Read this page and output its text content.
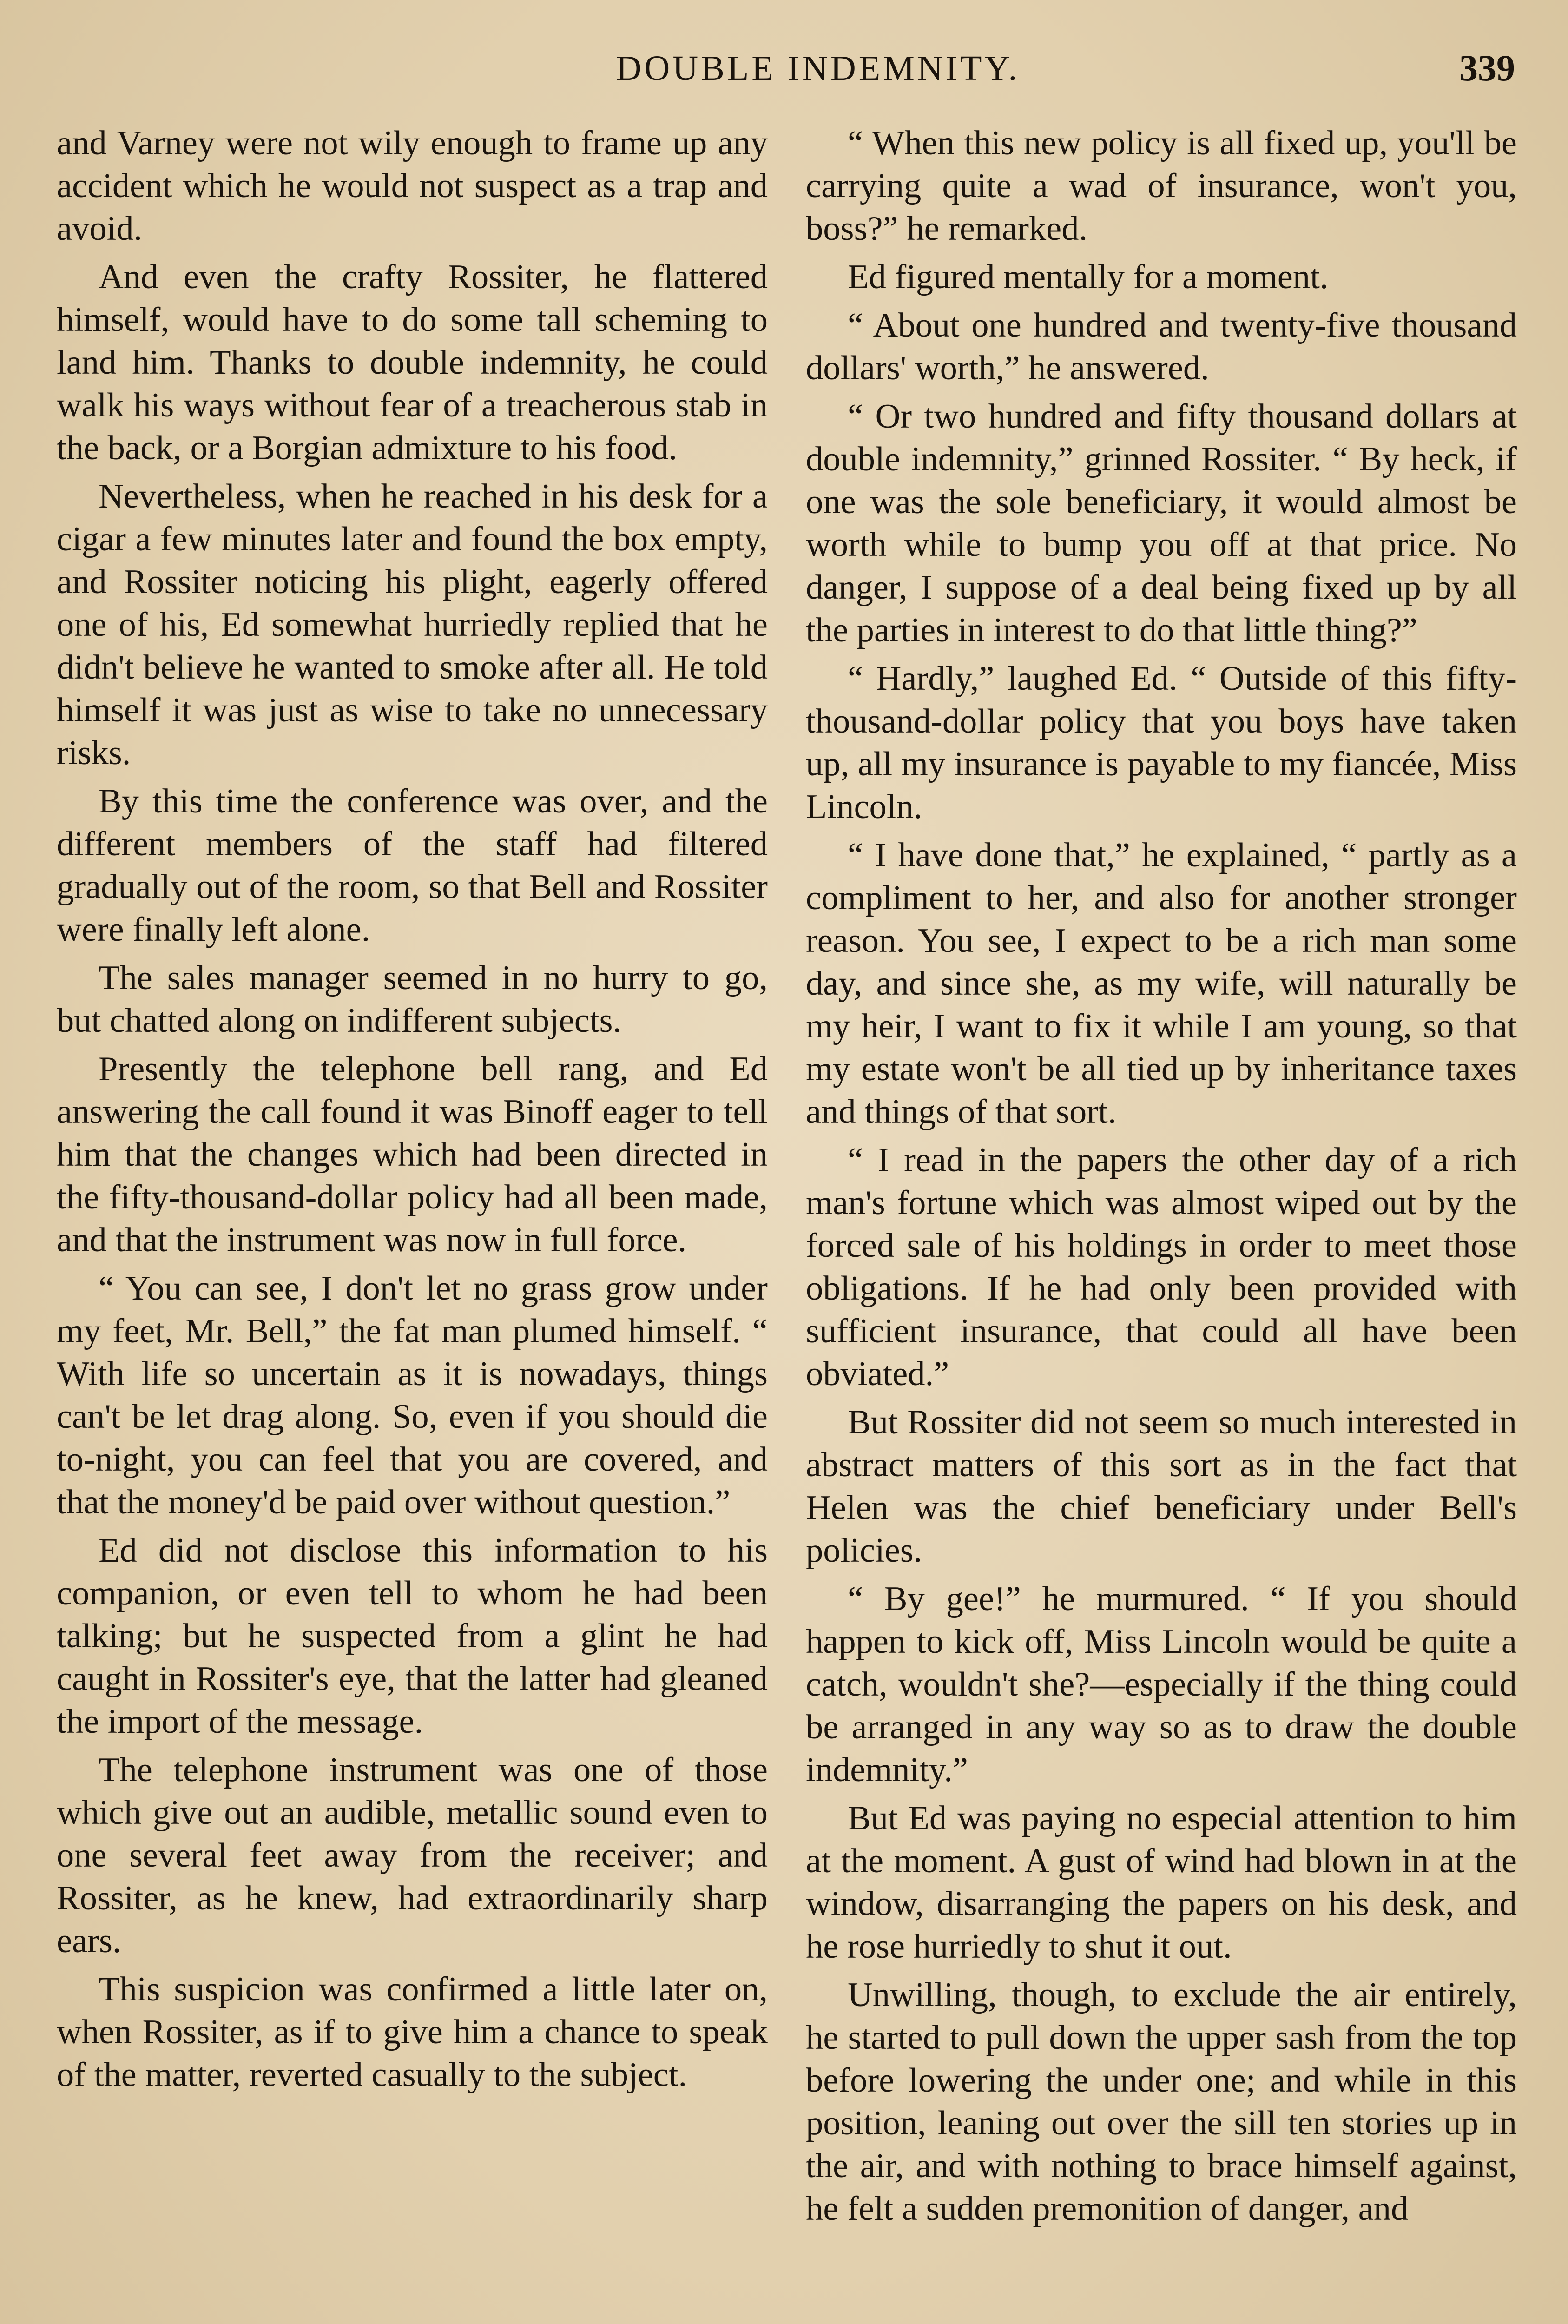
DOUBLE INDEMNITY.	339

and Varney were not wily enough to frame up any accident which he would not suspect as a trap and avoid.

And even the crafty Rossiter, he flattered himself, would have to do some tall scheming to land him. Thanks to double indemnity, he could walk his ways without fear of a treacherous stab in the back, or a Borgian admixture to his food.

Nevertheless, when he reached in his desk for a cigar a few minutes later and found the box empty, and Rossiter noticing his plight, eagerly offered one of his, Ed somewhat hurriedly replied that he didn't believe he wanted to smoke after all. He told himself it was just as wise to take no unnecessary risks.

By this time the conference was over, and the different members of the staff had filtered gradually out of the room, so that Bell and Rossiter were finally left alone.

The sales manager seemed in no hurry to go, but chatted along on indifferent subjects.

Presently the telephone bell rang, and Ed answering the call found it was Binoff eager to tell him that the changes which had been directed in the fifty-thousand-dollar policy had all been made, and that the instrument was now in full force.

“ You can see, I don't let no grass grow under my feet, Mr. Bell,” the fat man plumed himself. “ With life so uncertain as it is nowadays, things can't be let drag along. So, even if you should die to-night, you can feel that you are covered, and that the money'd be paid over without question.”

Ed did not disclose this information to his companion, or even tell to whom he had been talking; but he suspected from a glint he had caught in Rossiter's eye, that the latter had gleaned the import of the message.

The telephone instrument was one of those which give out an audible, metallic sound even to one several feet away from the receiver; and Rossiter, as he knew, had extraordinarily sharp ears.

This suspicion was confirmed a little later on, when Rossiter, as if to give him a chance to speak of the matter, reverted casually to the subject.

“ When this new policy is all fixed up, you'll be carrying quite a wad of insurance, won't you, boss?” he remarked.

Ed figured mentally for a moment.

“ About one hundred and twenty-five thousand dollars' worth,” he answered.

“ Or two hundred and fifty thousand dollars at double indemnity,” grinned Rossiter. “ By heck, if one was the sole beneficiary, it would almost be worth while to bump you off at that price. No danger, I suppose of a deal being fixed up by all the parties in interest to do that little thing?”

“ Hardly,” laughed Ed. “ Outside of this fifty-thousand-dollar policy that you boys have taken up, all my insurance is payable to my fiancée, Miss Lincoln.

“ I have done that,” he explained, “ partly as a compliment to her, and also for another stronger reason. You see, I expect to be a rich man some day, and since she, as my wife, will naturally be my heir, I want to fix it while I am young, so that my estate won't be all tied up by inheritance taxes and things of that sort.

“ I read in the papers the other day of a rich man's fortune which was almost wiped out by the forced sale of his holdings in order to meet those obligations. If he had only been provided with sufficient insurance, that could all have been obviated.”

But Rossiter did not seem so much interested in abstract matters of this sort as in the fact that Helen was the chief beneficiary under Bell's policies.

“ By gee!” he murmured. “ If you should happen to kick off, Miss Lincoln would be quite a catch, wouldn't she?—especially if the thing could be arranged in any way so as to draw the double indemnity.”

But Ed was paying no especial attention to him at the moment. A gust of wind had blown in at the window, disarranging the papers on his desk, and he rose hurriedly to shut it out.

Unwilling, though, to exclude the air entirely, he started to pull down the upper sash from the top before lowering the under one; and while in this position, leaning out over the sill ten stories up in the air, and with nothing to brace himself against, he felt a sudden premonition of danger, and
